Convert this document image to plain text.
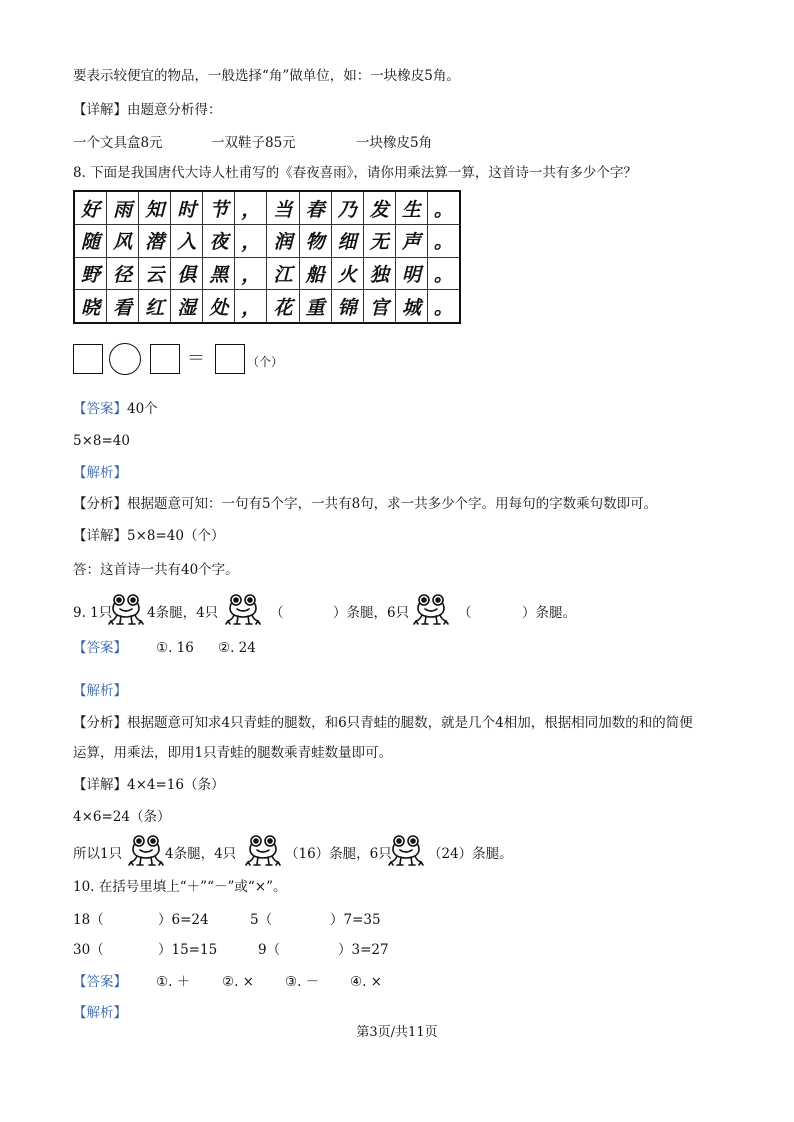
要表示较便宜的物品，一般选择“角”做单位，如：一块橡皮5角。
【详解】由题意分析得：
一个文具盒8元	一双鞋子85元	一块橡皮5角
8. 下面是我国唐代大诗人杜甫写的《春夜喜雨》，请你用乘法算一算，这首诗一共有多少个字？
好 雨 知 时 节 ， 当 春 乃 发 生 。
随 风 潜 入 夜 ， 润 物 细 无 声 。
野 径 云 俱 黑 ， 江 船 火 独 明 。
晓 看 红 湿 处 ， 花 重 锦 官 城 。
＝	（个）
【答案】40个
5×8=40
【解析】
【分析】根据题意可知：一句有5个字，一共有8句，求一共多少个字。用每句的字数乘句数即可。
【详解】5×8=40（个）
答：这首诗一共有40个字。
9. 1只	4条腿，4只	（	）条腿，6只	（	）条腿。
【答案】 ①. 16 ②. 24
【解析】
【分析】根据题意可知求4只青蛙的腿数，和6只青蛙的腿数，就是几个4相加，根据相同加数的和的简便
运算，用乘法，即用1只青蛙的腿数乘青蛙数量即可。
【详解】4×4=16（条）
4×6=24（条）
所以1只	4条腿，4只	（16）条腿，6只	（24）条腿。
10. 在括号里填上“＋”“－”或“×”。
18（	）6=24	5（	）7=35
30（	）15=15	9（	）3=27
【答案】 ①. ＋ ②. × ③. － ④. ×
【解析】
第3页/共11页
